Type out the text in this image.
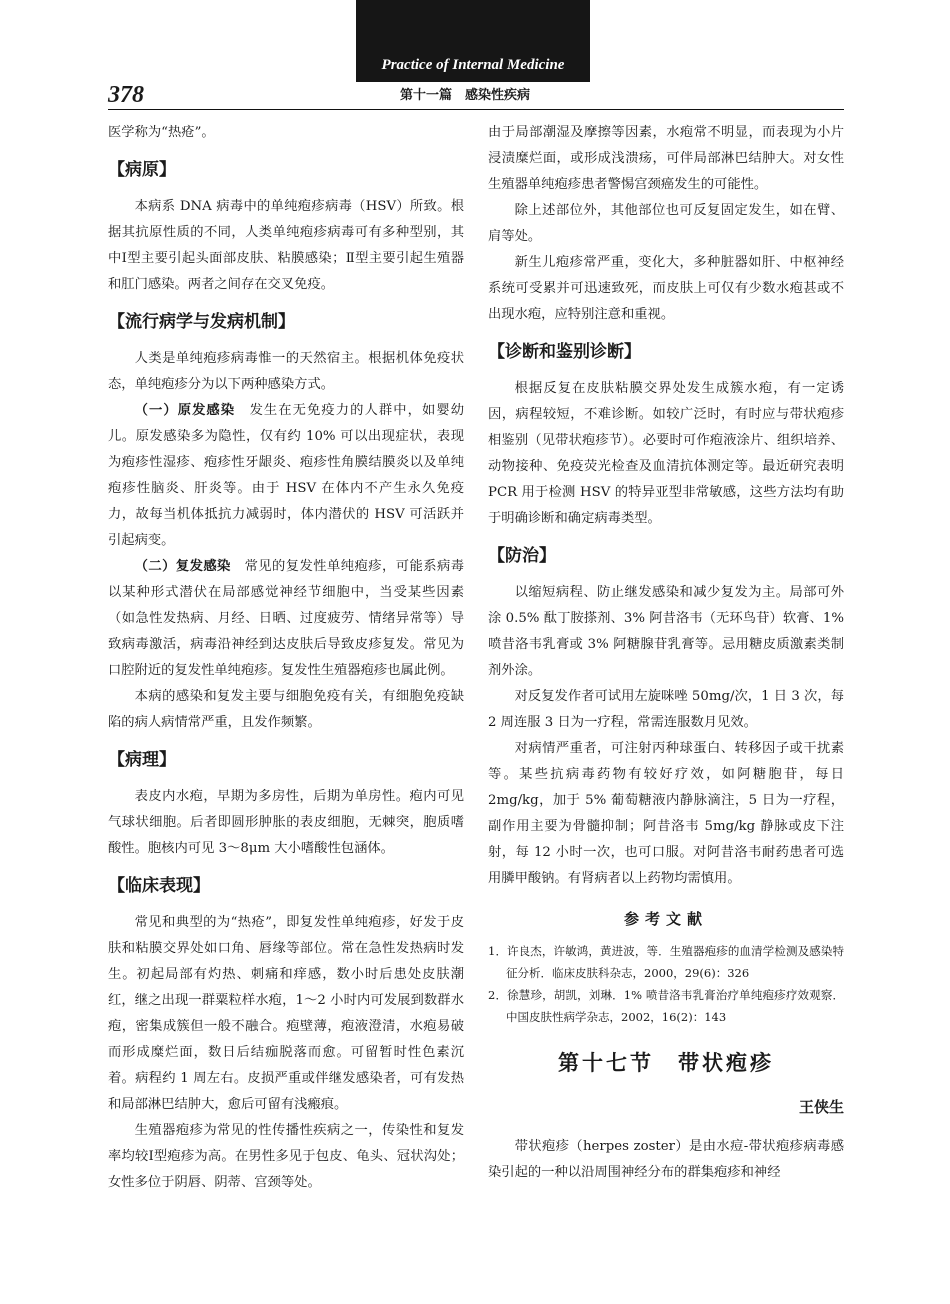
Practice of Internal Medicine
378	第十一篇　感染性疾病

医学称为“热疮”。

【病原】

本病系 DNA 病毒中的单纯疱疹病毒（HSV）所致。根据其抗原性质的不同，人类单纯疱疹病毒可有多种型别，其中Ⅰ型主要引起头面部皮肤、粘膜感染；Ⅱ型主要引起生殖器和肛门感染。两者之间存在交叉免疫。

【流行病学与发病机制】

人类是单纯疱疹病毒惟一的天然宿主。根据机体免疫状态，单纯疱疹分为以下两种感染方式。

（一）原发感染　 发生在无免疫力的人群中，如婴幼儿。原发感染多为隐性，仅有约 10% 可以出现症状，表现为疱疹性湿疹、疱疹性牙龈炎、疱疹性角膜结膜炎以及单纯疱疹性脑炎、肝炎等。由于 HSV 在体内不产生永久免疫力，故每当机体抵抗力减弱时，体内潜伏的 HSV 可活跃并引起病变。

（二）复发感染　 常见的复发性单纯疱疹，可能系病毒以某种形式潜伏在局部感觉神经节细胞中，当受某些因素（如急性发热病、月经、日晒、过度疲劳、情绪异常等）导致病毒激活，病毒沿神经到达皮肤后导致皮疹复发。常见为口腔附近的复发性单纯疱疹。复发性生殖器疱疹也属此例。

本病的感染和复发主要与细胞免疫有关，有细胞免疫缺陷的病人病情常严重，且发作频繁。

【病理】

表皮内水疱，早期为多房性，后期为单房性。疱内可见气球状细胞。后者即圆形肿胀的表皮细胞，无棘突，胞质嗜酸性。胞核内可见 3～8μm 大小嗜酸性包涵体。

【临床表现】

常见和典型的为“热疮”，即复发性单纯疱疹，好发于皮肤和粘膜交界处如口角、唇缘等部位。常在急性发热病时发生。初起局部有灼热、刺痛和痒感，数小时后患处皮肤潮红，继之出现一群粟粒样水疱，1～2 小时内可发展到数群水疱，密集成簇但一般不融合。疱壁薄，疱液澄清，水疱易破而形成糜烂面，数日后结痂脱落而愈。可留暂时性色素沉着。病程约 1 周左右。皮损严重或伴继发感染者，可有发热和局部淋巴结肿大，愈后可留有浅瘢痕。

生殖器疱疹为常见的性传播性疾病之一，传染性和复发率均较Ⅰ型疱疹为高。在男性多见于包皮、龟头、冠状沟处；女性多位于阴唇、阴蒂、宫颈等处。

由于局部潮湿及摩擦等因素，水疱常不明显，而表现为小片浸渍糜烂面，或形成浅溃疡，可伴局部淋巴结肿大。对女性生殖器单纯疱疹患者警惕宫颈癌发生的可能性。

除上述部位外，其他部位也可反复固定发生，如在臂、肩等处。

新生儿疱疹常严重，变化大，多种脏器如肝、中枢神经系统可受累并可迅速致死，而皮肤上可仅有少数水疱甚或不出现水疱，应特别注意和重视。

【诊断和鉴别诊断】

根据反复在皮肤粘膜交界处发生成簇水疱，有一定诱因，病程较短，不难诊断。如较广泛时，有时应与带状疱疹相鉴别（见带状疱疹节）。必要时可作疱液涂片、组织培养、动物接种、免疫荧光检查及血清抗体测定等。最近研究表明 PCR 用于检测 HSV 的特异亚型非常敏感，这些方法均有助于明确诊断和确定病毒类型。

【防治】

以缩短病程、防止继发感染和减少复发为主。局部可外涂 0.5% 酞丁胺搽剂、3% 阿昔洛韦（无环鸟苷）软膏、1% 喷昔洛韦乳膏或 3% 阿糖腺苷乳膏等。忌用糖皮质激素类制剂外涂。

对反复发作者可试用左旋咪唑 50mg/次，1 日 3 次，每 2 周连服 3 日为一疗程，常需连服数月见效。

对病情严重者，可注射丙种球蛋白、转移因子或干扰素等。某些抗病毒药物有较好疗效，如阿糖胞苷，每日 2mg/kg，加于 5% 葡萄糖液内静脉滴注，5 日为一疗程，副作用主要为骨髓抑制；阿昔洛韦 5mg/kg 静脉或皮下注射，每 12 小时一次，也可口服。对阿昔洛韦耐药患者可选用膦甲酸钠。有肾病者以上药物均需慎用。

参考文献
1．许良杰，许敏鸿，黄进波，等．生殖器疱疹的血清学检测及感染特征分析．临床皮肤科杂志，2000，29(6)：326
2．徐慧珍，胡凯，刘琳．1% 喷昔洛韦乳膏治疗单纯疱疹疗效观察．中国皮肤性病学杂志，2002，16(2)：143
第十七节　带状疱疹
王侠生

带状疱疹（herpes zoster）是由水痘-带状疱疹病毒感染引起的一种以沿周围神经分布的群集疱疹和神经
